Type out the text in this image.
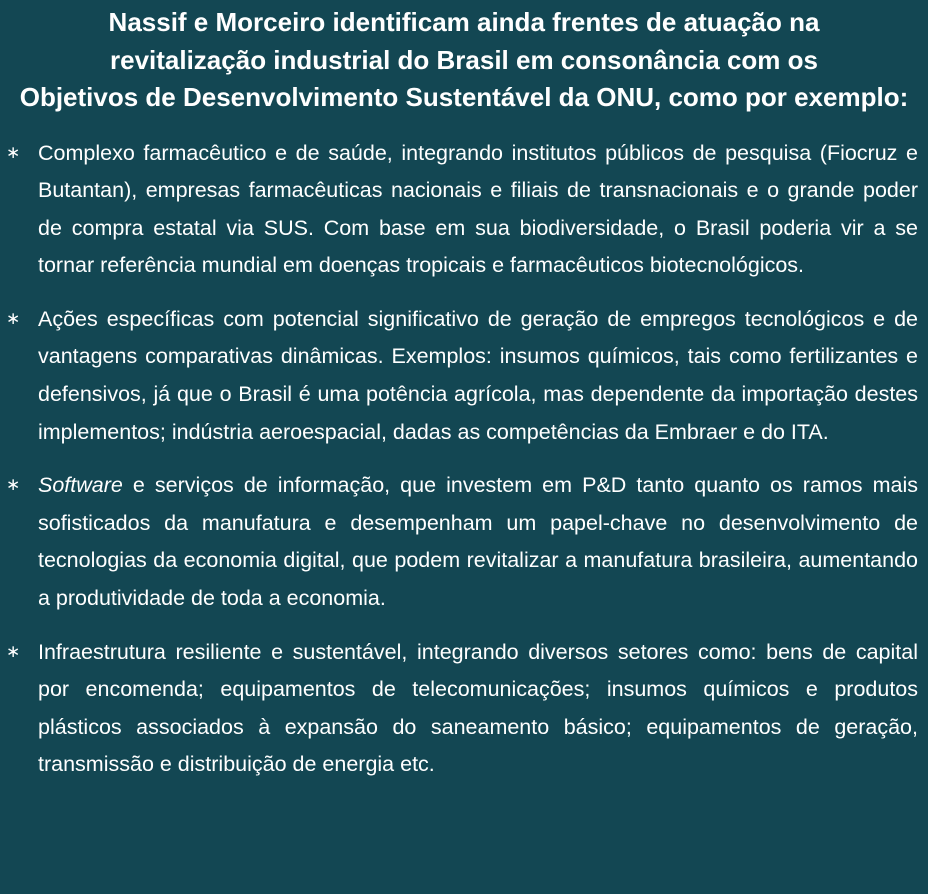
Nassif e Morceiro identificam ainda frentes de atuação na
revitalização industrial do Brasil em consonância com os
Objetivos de Desenvolvimento Sustentável da ONU, como por exemplo:
∗ Complexo farmacêutico e de saúde, integrando institutos públicos de pesquisa (Fiocruz e Butantan), empresas farmacêuticas nacionais e filiais de transnacionais e o grande poder de compra estatal via SUS. Com base em sua biodiversidade, o Brasil poderia vir a se tornar referência mundial em doenças tropicais e farmacêuticos biotecnológicos.
∗ Ações específicas com potencial significativo de geração de empregos tecnológicos e de vantagens comparativas dinâmicas. Exemplos: insumos químicos, tais como fertilizantes e defensivos, já que o Brasil é uma potência agrícola, mas dependente da importação destes implementos; indústria aeroespacial, dadas as competências da Embraer e do ITA.
∗ Software e serviços de informação, que investem em P&D tanto quanto os ramos mais sofisticados da manufatura e desempenham um papel-chave no desenvolvimento de tecnologias da economia digital, que podem revitalizar a manufatura brasileira, aumentando a produtividade de toda a economia.
∗ Infraestrutura resiliente e sustentável, integrando diversos setores como: bens de capital por encomenda; equipamentos de telecomunicações; insumos químicos e produtos plásticos associados à expansão do saneamento básico; equipamentos de geração, transmissão e distribuição de energia etc.
